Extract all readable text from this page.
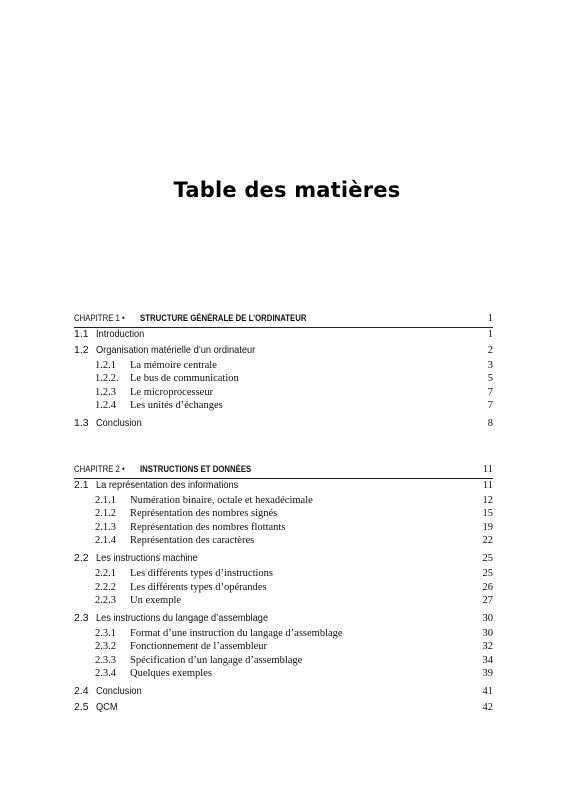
Table des matières
CHAPITRE 1 • STRUCTURE GÉNÉRALE DE L’ORDINATEUR	1
1.1 Introduction	1
1.2 Organisation matérielle d’un ordinateur	2
1.2.1	La mémoire centrale	3
1.2.2.	Le bus de communication	5
1.2.3	Le microprocesseur	7
1.2.4	Les unités d’échanges	7
1.3 Conclusion	8
CHAPITRE 2 • INSTRUCTIONS ET DONNÉES	11
2.1 La représentation des informations	11
2.1.1	Numération binaire, octale et hexadécimale	12
2.1.2	Représentation des nombres signés	15
2.1.3	Représentation des nombres flottants	19
2.1.4	Représentation des caractères	22
2.2 Les instructions machine	25
2.2.1	Les différents types d’instructions	25
2.2.2	Les différents types d’opérandes	26
2.2.3	Un exemple	27
2.3 Les instructions du langage d’assemblage	30
2.3.1	Format d’une instruction du langage d’assemblage	30
2.3.2	Fonctionnement de l’assembleur	32
2.3.3	Spécification d’un langage d’assemblage	34
2.3.4	Quelques exemples	39
2.4 Conclusion	41
2.5 QCM	42
